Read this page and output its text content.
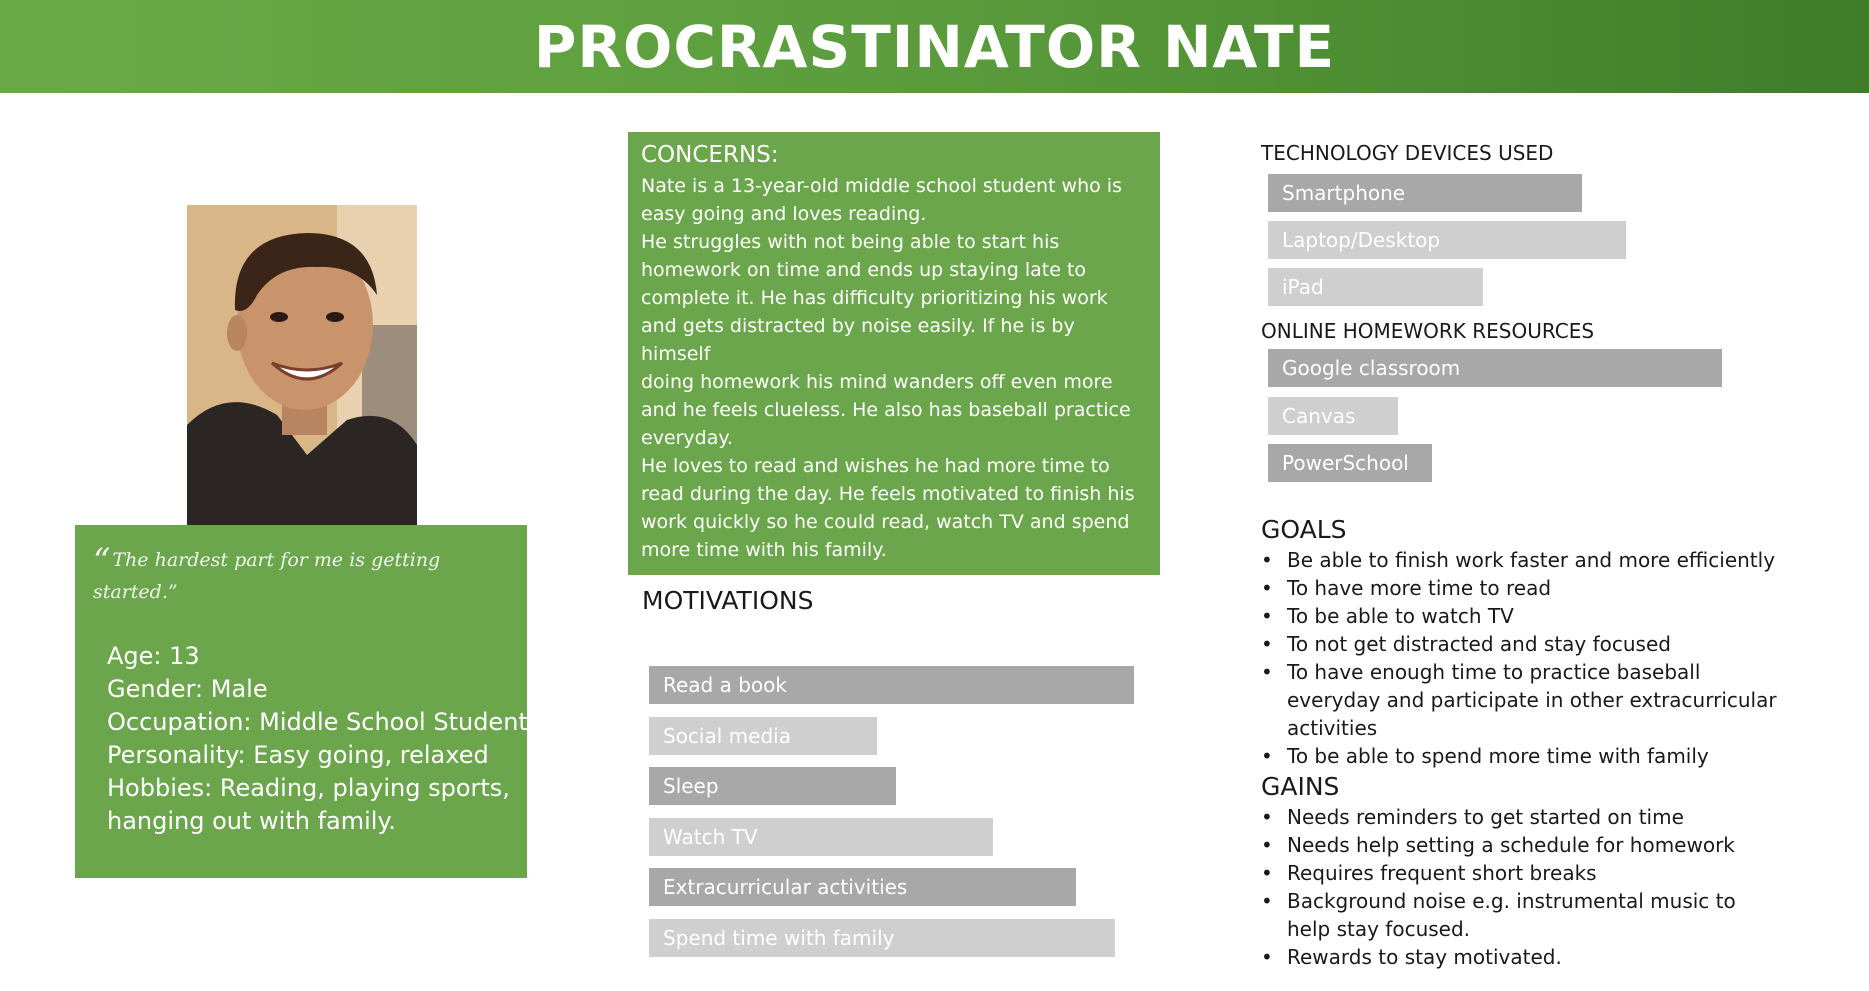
PROCRASTINATOR NATE
“ The hardest part for me is getting started.”
Age: 13
Gender: Male
Occupation: Middle School Student
Personality: Easy going, relaxed
Hobbies: Reading, playing sports,
hanging out with family.
CONCERNS:

Nate is a 13-year-old middle school student who is
easy going and loves reading.
He struggles with not being able to start his
homework on time and ends up staying late to
complete it. He has difficulty prioritizing his work
and gets distracted by noise easily. If he is by himself
doing homework his mind wanders off even more
and he feels clueless. He also has baseball practice
everyday.
He loves to read and wishes he had more time to
read during the day. He feels motivated to finish his
work quickly so he could read, watch TV and spend
more time with his family.

MOTIVATIONS
Read a book
Social media
Sleep
Watch TV
Extracurricular activities
Spend time with family
TECHNOLOGY DEVICES USED
Smartphone
Laptop/Desktop
iPad
ONLINE HOMEWORK RESOURCES
Google classroom
Canvas
PowerSchool
GOALS
• Be able to finish work faster and more efficiently
• To have more time to read
• To be able to watch TV
• To not get distracted and stay focused
• To have enough time to practice baseball everyday and participate in other extracurricular activities
• To be able to spend more time with family
GAINS
• Needs reminders to get started on time
• Needs help setting a schedule for homework
• Requires frequent short breaks
• Background noise e.g. instrumental music to help stay focused.
• Rewards to stay motivated.
